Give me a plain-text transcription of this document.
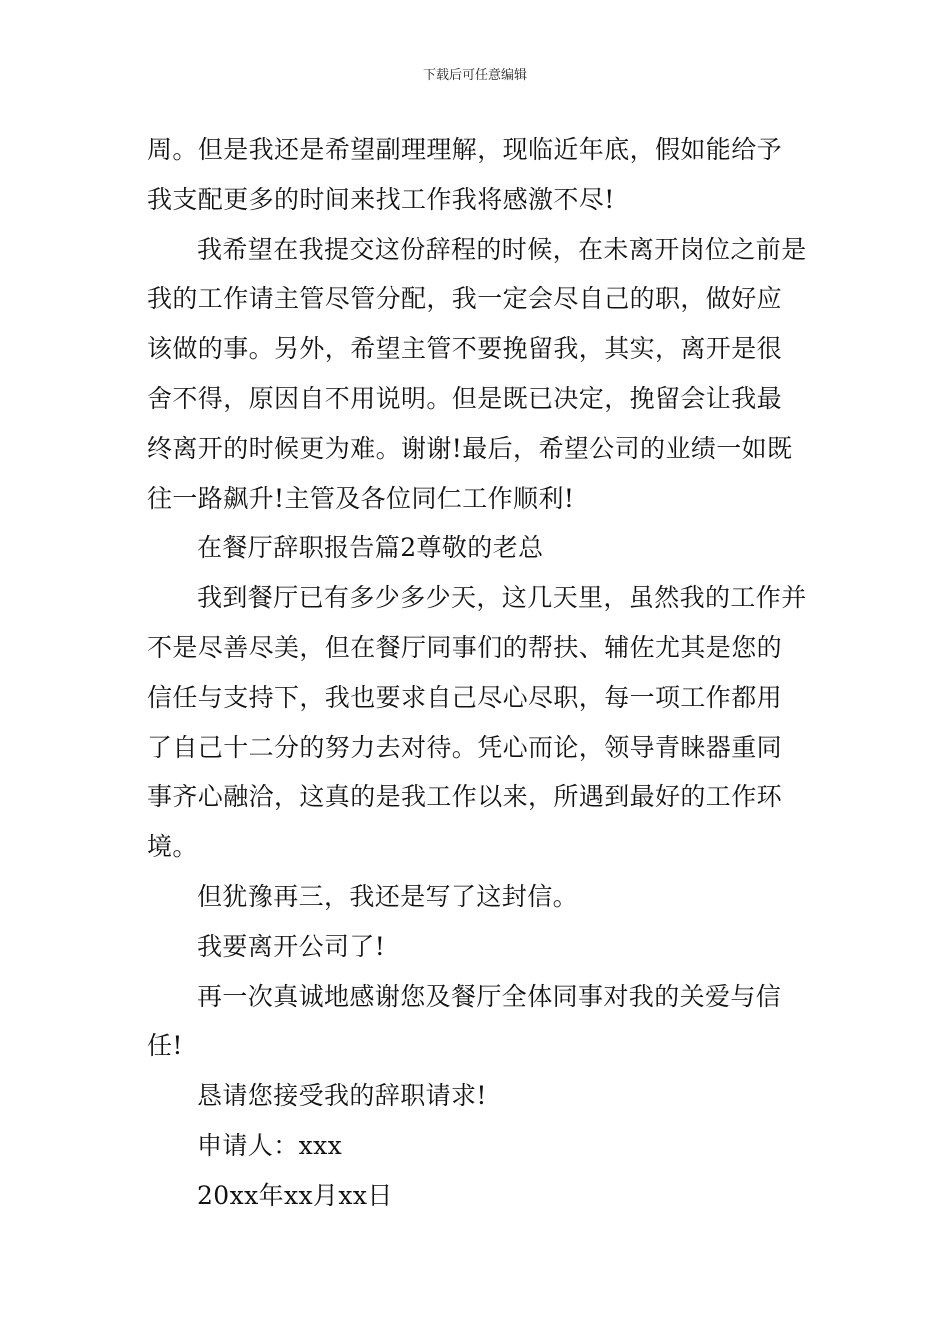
下载后可任意编辑

周。但是我还是希望副理理解，现临近年底，假如能给予我支配更多的时间来找工作我将感激不尽!

我希望在我提交这份辞程的时候，在未离开岗位之前是我的工作请主管尽管分配，我一定会尽自己的职，做好应该做的事。另外，希望主管不要挽留我，其实，离开是很舍不得，原因自不用说明。但是既已决定，挽留会让我最终离开的时候更为难。谢谢!最后，希望公司的业绩一如既往一路飙升!主管及各位同仁工作顺利!

在餐厅辞职报告篇2尊敬的老总

我到餐厅已有多少多少天，这几天里，虽然我的工作并不是尽善尽美，但在餐厅同事们的帮扶、辅佐尤其是您的信任与支持下，我也要求自己尽心尽职，每一项工作都用了自己十二分的努力去对待。凭心而论，领导青睐器重同事齐心融洽，这真的是我工作以来，所遇到最好的工作环境。

但犹豫再三，我还是写了这封信。

我要离开公司了!

再一次真诚地感谢您及餐厅全体同事对我的关爱与信任!

恳请您接受我的辞职请求!

申请人：xxx

20xx年xx月xx日
